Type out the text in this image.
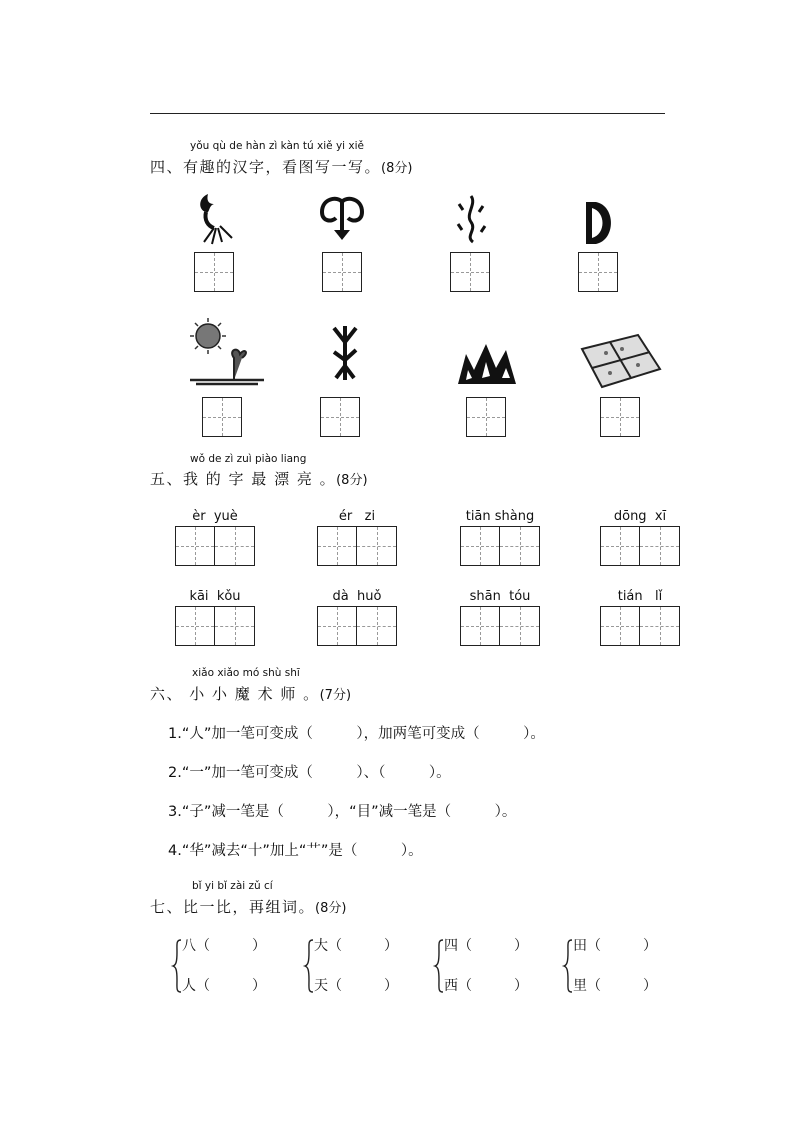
yǒu qù de hàn zì kàn tú xiě yi xiě
四、有趣的汉字，看图写一写。(8分)
wǒ de zì zuì piào liang
五、我 的 字 最 漂 亮 。(8分)
èr yuè	ér zi	tiān shàng	dōng xī
kāi kǒu	dà huǒ	shān tóu	tián lǐ
xiǎo xiǎo mó shù shī
六、 小 小 魔 术 师 。(7分)
1.“人”加一笔可变成（　　　），加两笔可变成（　　　）。
2.“一”加一笔可变成（　　　）、（　　　）。
3.“子”减一笔是（　　　），“目”减一笔是（　　　）。
4.“华”减去“十”加上“艹”是（　　　）。
bǐ yi bǐ zài zǔ cí
七、比一比，再组词。(8分)
八（　　　）
人（　　　）
大（　　　）
天（　　　）
四（　　　）
西（　　　）
田（　　　）
里（　　　）
